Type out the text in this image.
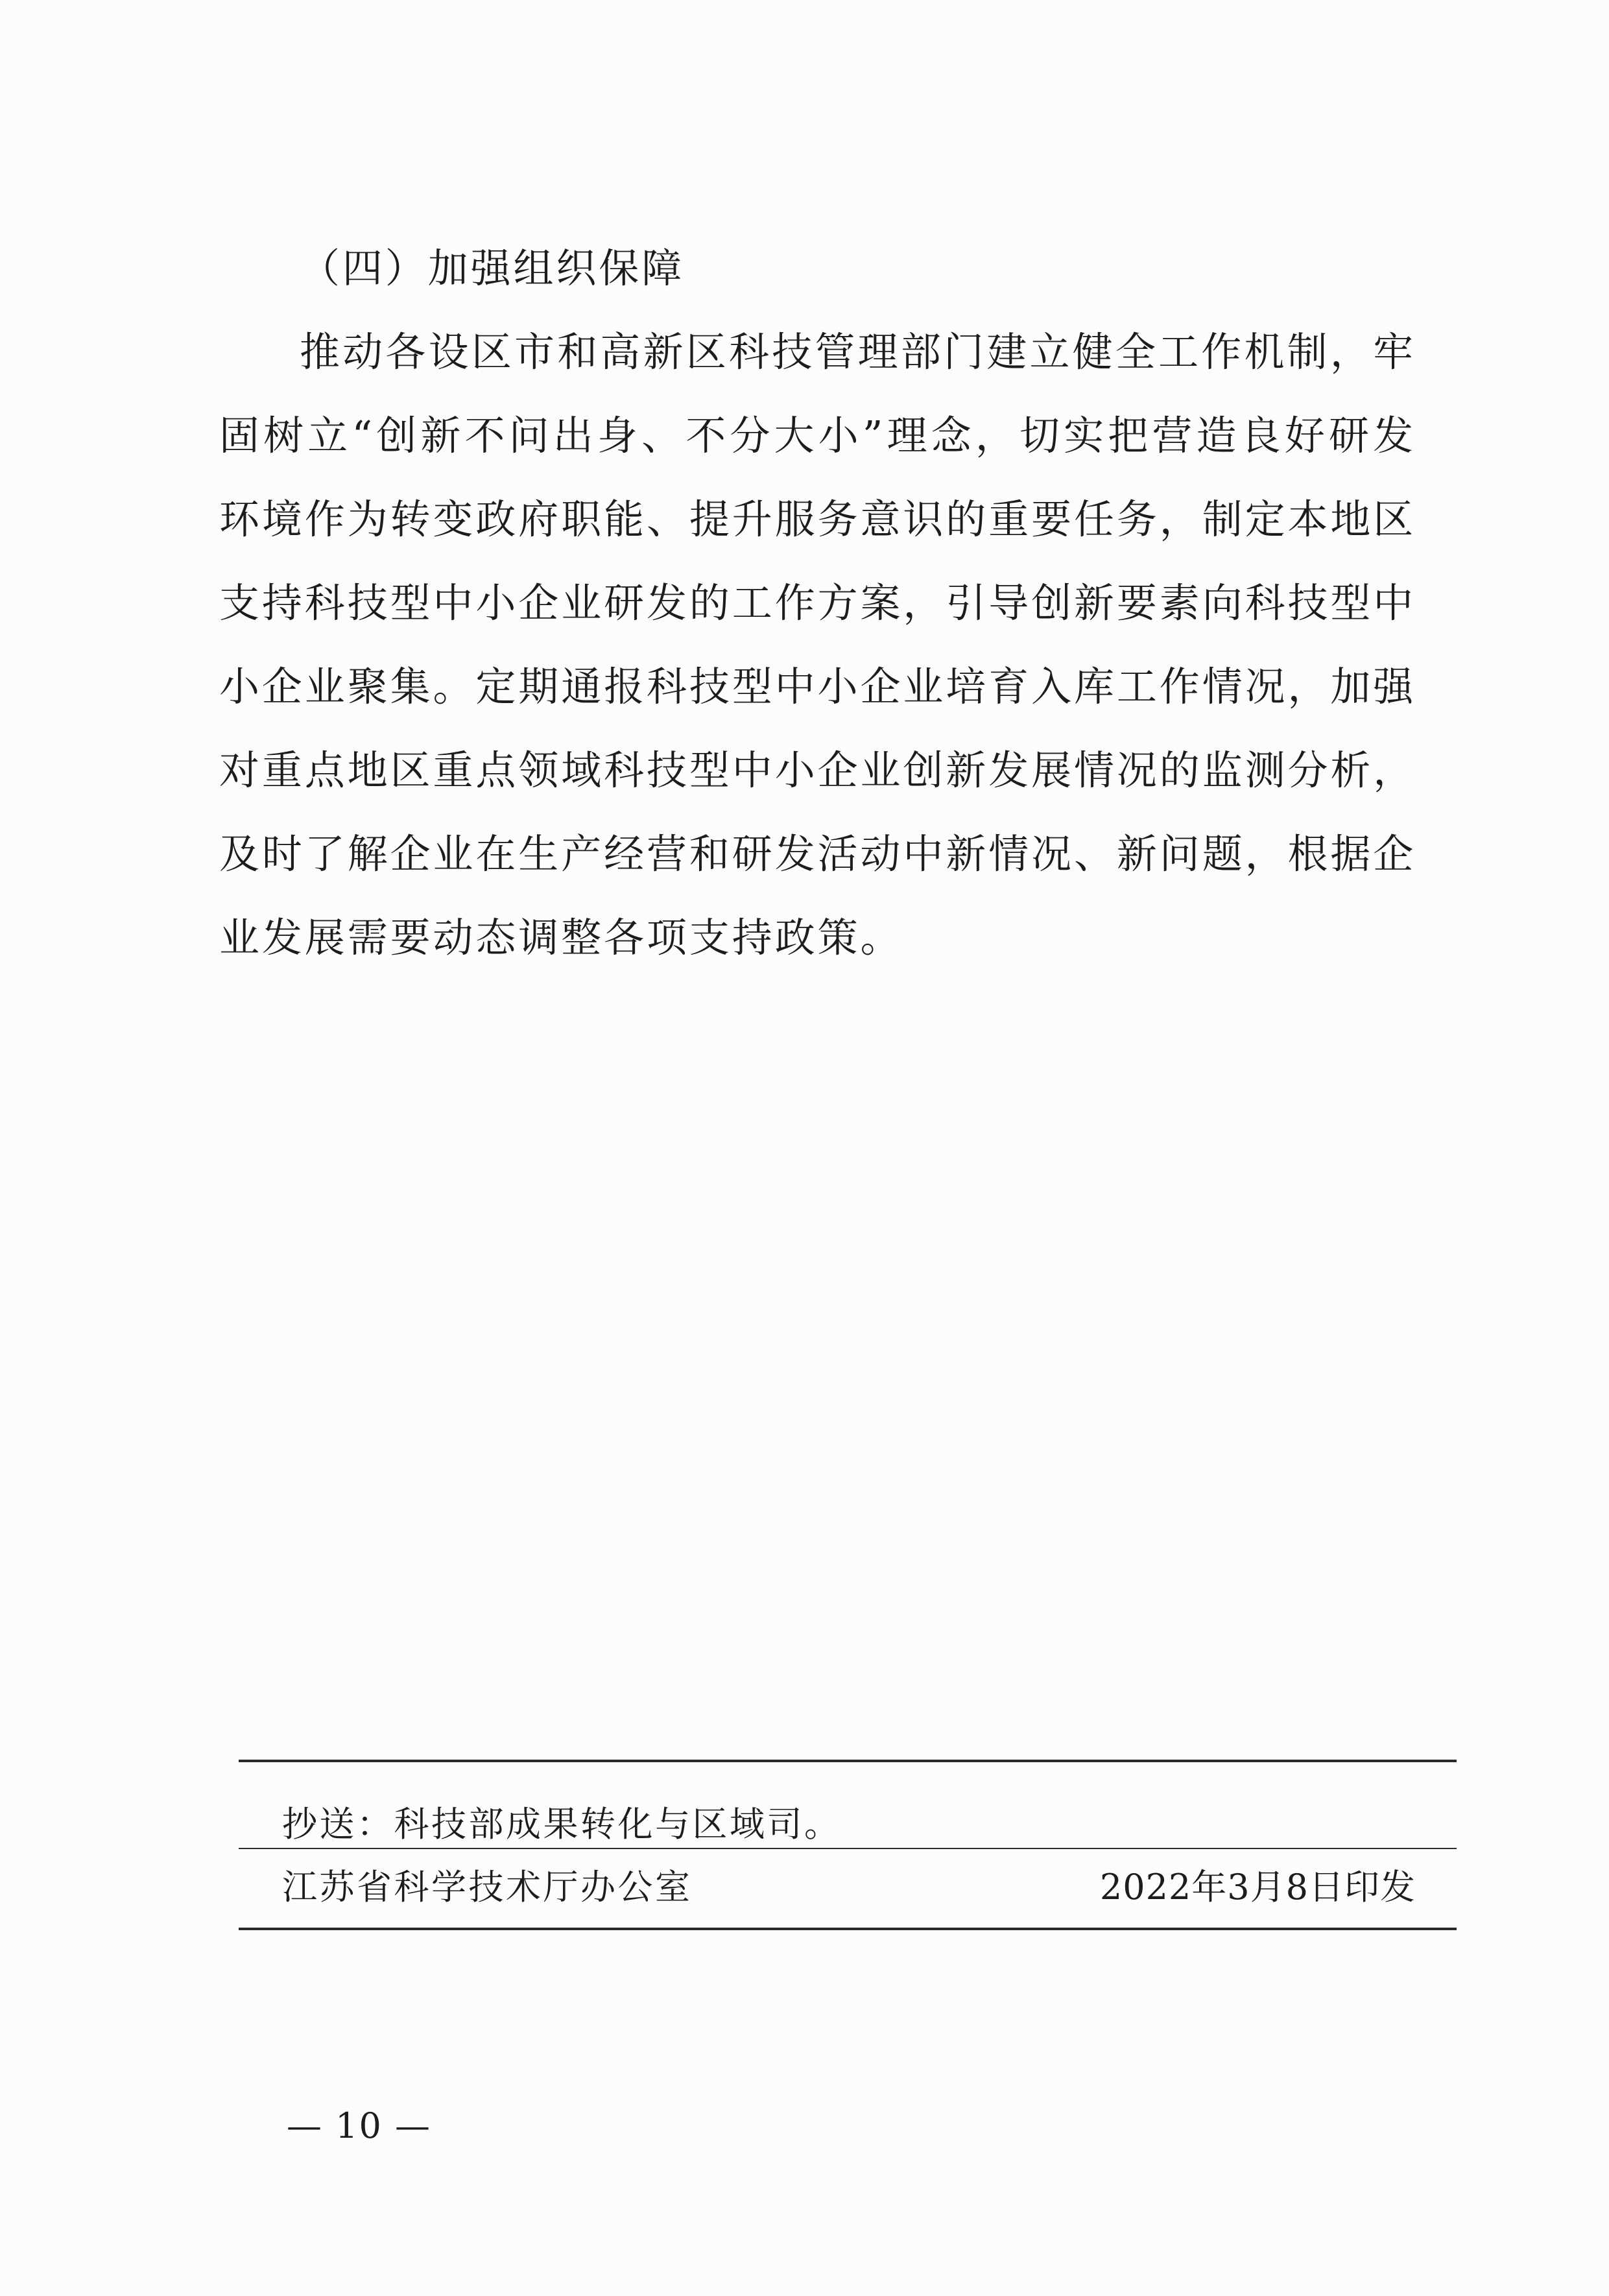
（四）加强组织保障
推动各设区市和高新区科技管理部门建立健全工作机制，牢
固树立“创新不问出身、不分大小”理念，切实把营造良好研发
环境作为转变政府职能、提升服务意识的重要任务，制定本地区
支持科技型中小企业研发的工作方案，引导创新要素向科技型中
小企业聚集。定期通报科技型中小企业培育入库工作情况，加强
对重点地区重点领域科技型中小企业创新发展情况的监测分析，
及时了解企业在生产经营和研发活动中新情况、新问题，根据企
业发展需要动态调整各项支持政策。
抄送：科技部成果转化与区域司。
江苏省科学技术厅办公室	2022年3月8日印发
— 10 —
